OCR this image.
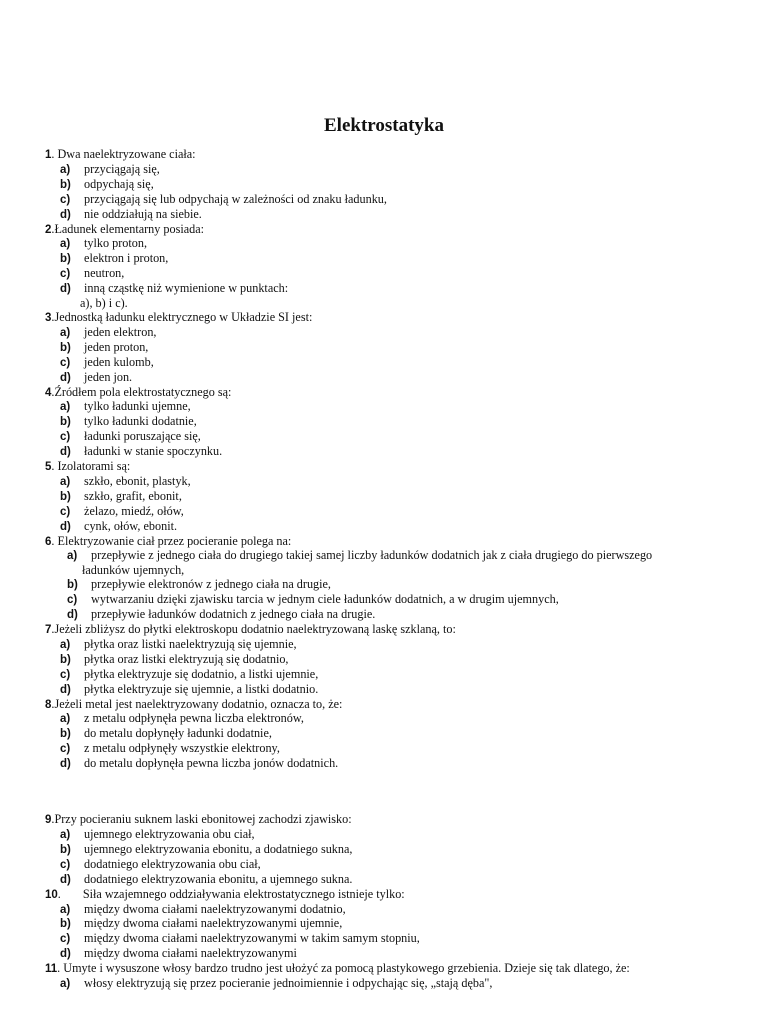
Elektrostatyka
1. Dwa naelektryzowane ciała:
a) przyciągają się,
b) odpychają się,
c) przyciągają się lub odpychają w zależności od znaku ładunku,
d) nie oddziałują na siebie.
2.Ładunek elementarny posiada:
a) tylko proton,
b) elektron i proton,
c) neutron,
d) inną cząstkę niż wymienione w punktach:
a), b) i c).
3.Jednostką ładunku elektrycznego w Układzie SI jest:
a) jeden elektron,
b) jeden proton,
c) jeden kulomb,
d) jeden jon.
4.Źródłem pola elektrostatycznego są:
a) tylko ładunki ujemne,
b) tylko ładunki dodatnie,
c) ładunki poruszające się,
d) ładunki w stanie spoczynku.
5. Izolatorami są:
a) szkło, ebonit, plastyk,
b) szkło, grafit, ebonit,
c) żelazo, miedź, ołów,
d) cynk, ołów, ebonit.
6. Elektryzowanie ciał przez pocieranie polega na:
a) przepływie z jednego ciała do drugiego takiej samej liczby ładunków dodatnich jak z ciała drugiego do pierwszego
ładunków ujemnych,
b) przepływie elektronów z jednego ciała na drugie,
c) wytwarzaniu dzięki zjawisku tarcia w jednym ciele ładunków dodatnich, a w drugim ujemnych,
d) przepływie ładunków dodatnich z jednego ciała na drugie.
7.Jeżeli zbliżysz do płytki elektroskopu dodatnio naelektryzowaną laskę szklaną, to:
a) płytka oraz listki naelektryzują się ujemnie,
b) płytka oraz listki elektryzują się dodatnio,
c) płytka elektryzuje się dodatnio, a listki ujemnie,
d) płytka elektryzuje się ujemnie, a listki dodatnio.
8.Jeżeli metal jest naelektryzowany dodatnio, oznacza to, że:
a) z metalu odpłynęła pewna liczba elektronów,
b) do metalu dopłynęły ładunki dodatnie,
c) z metalu odpłynęły wszystkie elektrony,
d) do metalu dopłynęła pewna liczba jonów dodatnich.
9.Przy pocieraniu suknem laski ebonitowej zachodzi zjawisko:
a) ujemnego elektryzowania obu ciał,
b) ujemnego elektryzowania ebonitu, a dodatniego sukna,
c) dodatniego elektryzowania obu ciał,
d) dodatniego elektryzowania ebonitu, a ujemnego sukna.
10. Siła wzajemnego oddziaływania elektrostatycznego istnieje tylko:
a) między dwoma ciałami naelektryzowanymi dodatnio,
b) między dwoma ciałami naelektryzowanymi ujemnie,
c) między dwoma ciałami naelektryzowanymi w takim samym stopniu,
d) między dwoma ciałami naelektryzowanymi
11. Umyte i wysuszone włosy bardzo trudno jest ułożyć za pomocą plastykowego grzebienia. Dzieje się tak dlatego, że:
a) włosy elektryzują się przez pocieranie jednoimiennie i odpychając się, „stają dęba",
